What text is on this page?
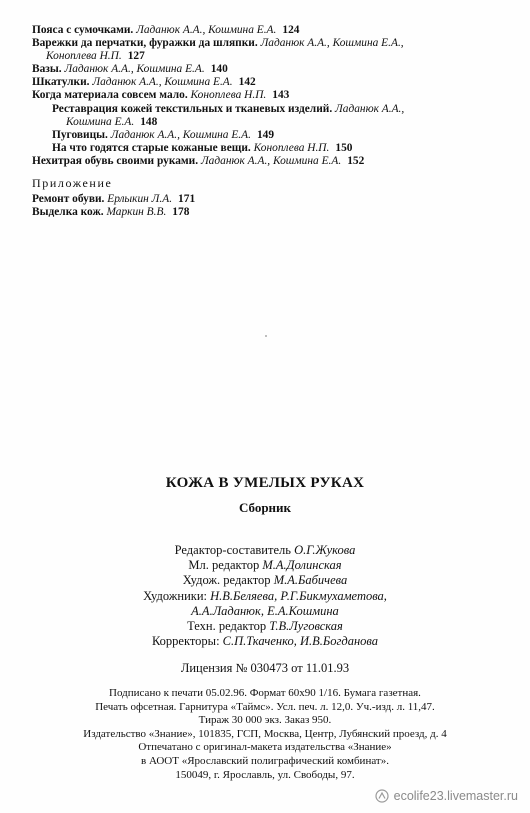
Пояса с сумочками. Ладанюк А.А., Кошмина Е.А. 124
Варежки да перчатки, фуражки да шляпки. Ладанюк А.А., Кошмина Е.А.,
Коноплева Н.П. 127
Вазы. Ладанюк А.А., Кошмина Е.А. 140
Шкатулки. Ладанюк А.А., Кошмина Е.А. 142
Когда материала совсем мало. Коноплева Н.П. 143
Реставрация кожей текстильных и тканевых изделий. Ладанюк А.А.,
Кошмина Е.А. 148
Пуговицы. Ладанюк А.А., Кошмина Е.А. 149
На что годятся старые кожаные вещи. Коноплева Н.П. 150
Нехитрая обувь своими руками. Ладанюк А.А., Кошмина Е.А. 152
Приложение
Ремонт обуви. Ерлыкин Л.А. 171
Выделка кож. Маркин В.В. 178
КОЖА В УМЕЛЫХ РУКАХ
Сборник
Редактор-составитель О.Г.Жукова
Мл. редактор М.А.Долинская
Худож. редактор М.А.Бабичева
Художники: Н.В.Беляева, Р.Г.Бикмухаметова,
А.А.Ладанюк, Е.А.Кошмина
Техн. редактор Т.В.Луговская
Корректоры: С.П.Ткаченко, И.В.Богданова
Лицензия № 030473 от 11.01.93
Подписано к печати 05.02.96. Формат 60х90 1/16. Бумага газетная.
Печать офсетная. Гарнитура «Таймс». Усл. печ. л. 12,0. Уч.-изд. л. 11,47.
Тираж 30 000 экз. Заказ 950.
Издательство «Знание», 101835, ГСП, Москва, Центр, Лубянский проезд, д. 4
Отпечатано с оригинал-макета издательства «Знание»
в АООТ «Ярославский полиграфический комбинат».
150049, г. Ярославль, ул. Свободы, 97.
ecolife23.livemaster.ru
